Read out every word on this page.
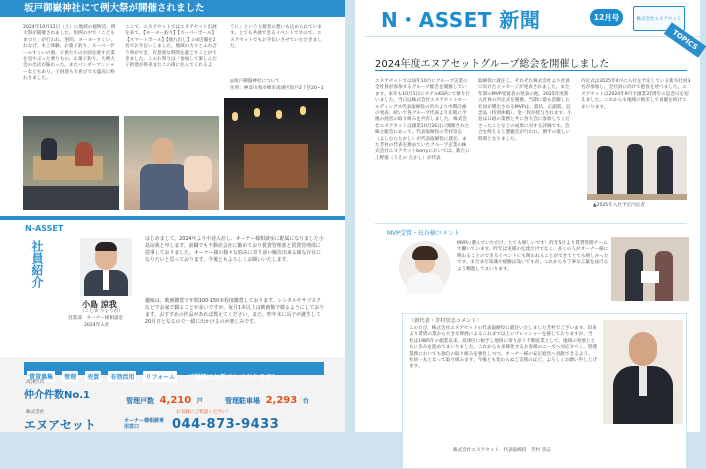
坂戸御嶽神社にて例大祭が開催されました
2024年10月12日（土）に地域の風物詩、例大祭が開催されました。恒例の中で「こどもまつり」が行われ、射的、ヨーヨーすくい、わなげ、木工体験、お菓子釣り、スーパーボールすくいの他、子供たちのお面を渡す企業を見やぶった乗りもの、お菓子釣り。大例大会の出店が賑わった。またパンダーマンショーなどもあり、子供達も大喜びで大盛況に終わりました。
ここで、エヌアセットではエヌアセット出展を来て、【ヨーヨー釣り】【スーパーボール】【スマートボール】【他九出し】の4店舗を2名でお手伝いしました。地域の方々とふれ合う事ができ、有意義な時間を過ごすことができました。このお祭りは「参加して楽しんだ子供達が将来またこの街に住んでくれるよ
うに」という主催者の想いも込められています。とても共感できるイベントですので、エヌアセットでもお手伝いさせていただきました。
◎坂戸御嶽神社について
住所：神奈川県川崎市高津区坂戸2丁目20−1
N-ASSET
社員紹介
小島 涼我
（こじま りょうが）
営業部　オーナー様相談室
2024年入社
はじめまして。2024年より中途入社し、オーナー様相談室に配属になりました小島涼我と申します。前職でも不動産会社に勤めており賃貸管理部と賃貸管理部に従事しておりました。オーナー様の様々な悩みに寄り添い解決出来る様な存在になりたいと思っております。今後ともよろしくお願いいたします。
趣味は、映画鑑賞で年間100-150本程度鑑賞しております。レンタルやサブスクなどでお家で観ることが多いですが、毎月1本以上は映画館で観るようにしております。おすすめの作品があれば教えてください。また、昨年末に長子が誕生して20月日となるので一緒に出かけるのが楽しみです。
賃貸募集 管理 売買 有効活用 リフォーム ご相談はお任せしております！
高津区内
仲介件数No.1	管理戸数 4,210 戸	管理駐車場 2,293 台
株式会社
エヌアセット	オーナー様相談専用窓口
お気軽にご相談ください！
044-873-9433
N・ASSET 新聞	12月号	株式会社エヌアセット
TOPICS
2024年度エヌアセットグループ総会を開催しました
エヌアセットでは毎年10月にグループ企業の全社員が参加するグループ総会を開催しています。本年も10月1日にホテルKSPにて執り行いました。当日は株式会社エヌアセットホールディングス代表取締役の宮川より中期計画の発表、続いて各グループ代表より先期に今後の経営の取り組みを共有しました。株式会社エヌアセットは創業10月26日に開催された株主総会にあって、代表取締役の芳村崇志（よしむらたかし）が代表取締役に就任、また芳村の代表を務めていたグループ企業の株式会社エヌアセットberryにおいては、新たに上野康（うえの たかし）が代表
取締役に就任し、それぞれ株式会社より社員に向けたメッセージが発表されました。また年間のMVP受賞者の発表の他、2025年度新入社員の内定式を開催。当期に最も活躍した社員が選出されるMVPは、賞状、正副賞、記念品（特別休暇）、金一封が授与されます。小島は日頃の業務と共に各大会に参加してくださったことなどの成果に対する評価です。会合を終えると懇親会が行われ、勝手の楽しい時間となりました。
内定式は2025年4月に入社を予定している新卒社員3名が参加し、全社員に向けて抱負を述べました。エヌアセットは2024年9月で創業37周年の記念日を迎えました。これからも地域に根差して貢献を続けてまいります。
▲2025年入社予定内定者
MVP受賞・長谷楠コメント
MVPに選んでいただけ、とても嬉しいです！昨年5月より賃貸管理チームで働いています。昨年は実績の伝達だけでなく、多くの人がオーナー様に関わることのできるイベントにも関われることができてとても嬉しかったです。まだまだ知識や経験は浅いですが、これからも丁寧な言葉を届けるよう精進してまいります。
〈新代表・芳村崇志コメント〉
このたび、株式会社エヌアセットの代表取締役に就任いたしました芳村でございます。旧来より賃貸の業から大きな伸展によるこれまで以上にプレッシャーを感じておりますが、当社は1985年の創業以来、高津区に根ざし地域に寄り添う不動産業として、地域の発展とともに歩みを進めてまいりました。これからも多様化するお客様のニーズへ対応すべく、管理業務においても独自の取り組みを強化しつつ、オーナー様の安定経営へ貢献できるよう、社員一丸となって取り組みます。今後とも変わらぬご支援のほど、よろしくお願い申し上げます。
株式会社エヌアセット　代表取締役　芳村 崇志
